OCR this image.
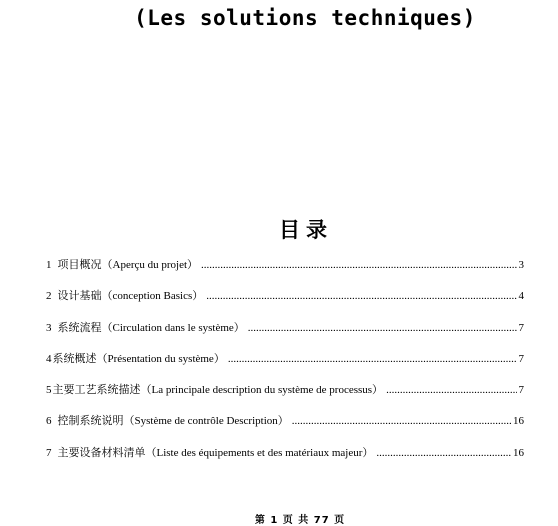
(Les solutions techniques)
目录
1 项目概况（Aperçu du projet） .....	3
2 设计基础（conception Basics） .....	4
3 系统流程（Circulation dans le système） .....	7
4 系统概述（Présentation du système） .....	7
5 主要工艺系统描述（La principale description du système de processus） .....	7
6 控制系统说明（Système de contrôle Description） .....	16
7 主要设备材料清单（Liste des équipements et des matériaux majeur） .....	16
第 1 页 共 77 页
